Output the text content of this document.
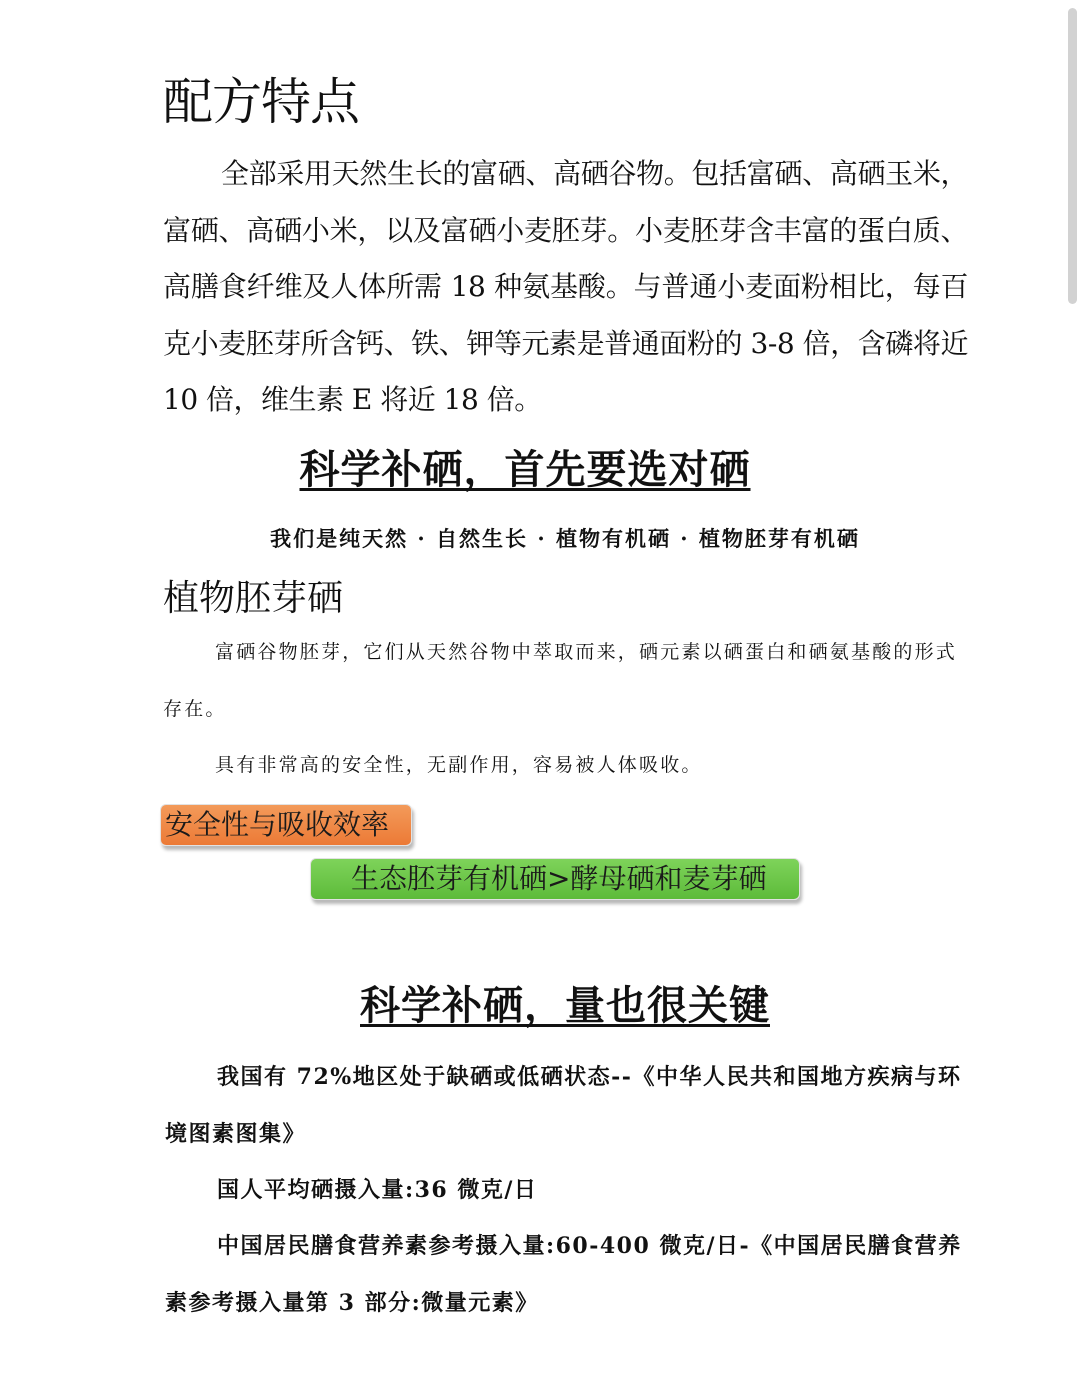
配方特点

全部采用天然生长的富硒、高硒谷物。包括富硒、高硒玉米，富硒、高硒小米，以及富硒小麦胚芽。小麦胚芽含丰富的蛋白质、高膳食纤维及人体所需 18 种氨基酸。与普通小麦面粉相比，每百克小麦胚芽所含钙、铁、钾等元素是普通面粉的 3-8 倍，含磷将近 10 倍，维生素 E 将近 18 倍。

科学补硒，首先要选对硒

我们是纯天然 · 自然生长 · 植物有机硒 · 植物胚芽有机硒

植物胚芽硒

富硒谷物胚芽，它们从天然谷物中萃取而来，硒元素以硒蛋白和硒氨基酸的形式存在。

具有非常高的安全性，无副作用，容易被人体吸收。

安全性与吸收效率
生态胚芽有机硒>酵母硒和麦芽硒
科学补硒，量也很关键

我国有 72%地区处于缺硒或低硒状态--《中华人民共和国地方疾病与环境图素图集》

国人平均硒摄入量:36 微克/日

中国居民膳食营养素参考摄入量:60-400 微克/日-《中国居民膳食营养素参考摄入量第 3 部分:微量元素》
